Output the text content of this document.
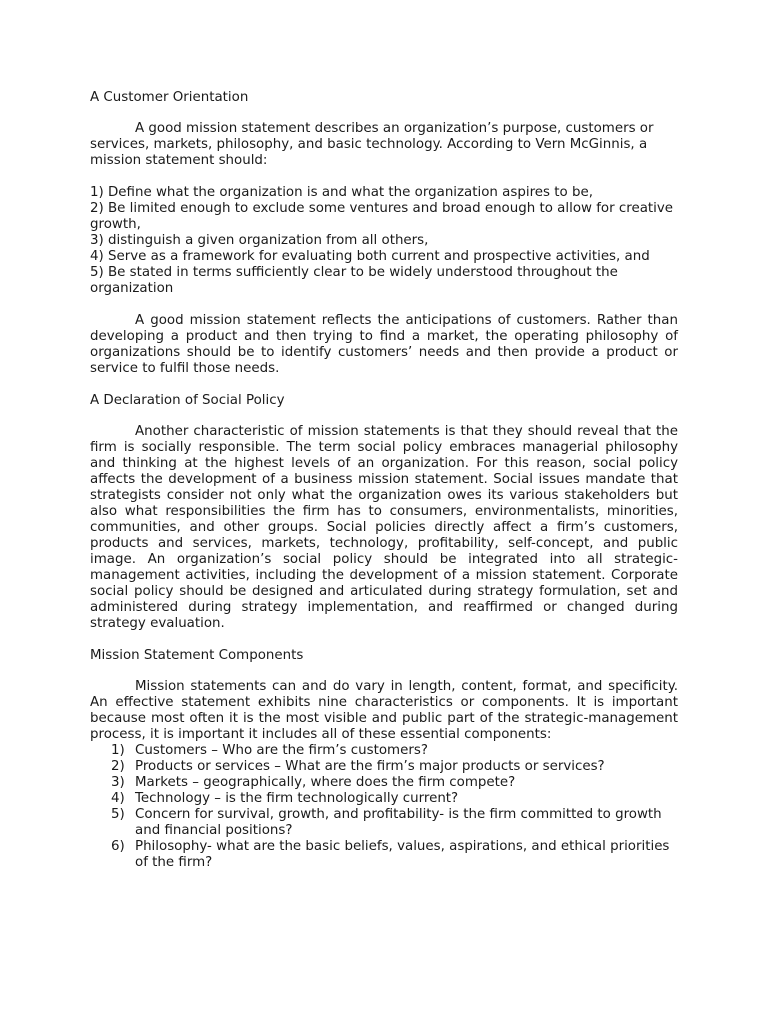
A Customer Orientation

A good mission statement describes an organization’s purpose, customers or services, markets, philosophy, and basic technology. According to Vern McGinnis, a mission statement should:

1) Define what the organization is and what the organization aspires to be,
2) Be limited enough to exclude some ventures and broad enough to allow for creative growth,
3) distinguish a given organization from all others,
4) Serve as a framework for evaluating both current and prospective activities, and
5) Be stated in terms sufficiently clear to be widely understood throughout the organization

A good mission statement reflects the anticipations of customers. Rather than developing a product and then trying to find a market, the operating philosophy of organizations should be to identify customers’ needs and then provide a product or service to fulfil those needs.

A Declaration of Social Policy

Another characteristic of mission statements is that they should reveal that the firm is socially responsible. The term social policy embraces managerial philosophy and thinking at the highest levels of an organization. For this reason, social policy affects the development of a business mission statement. Social issues mandate that strategists consider not only what the organization owes its various stakeholders but also what responsibilities the firm has to consumers, environmentalists, minorities, communities, and other groups. Social policies directly affect a firm’s customers, products and services, markets, technology, profitability, self-concept, and public image. An organization’s social policy should be integrated into all strategic-management activities, including the development of a mission statement. Corporate social policy should be designed and articulated during strategy formulation, set and administered during strategy implementation, and reaffirmed or changed during strategy evaluation.

Mission Statement Components

Mission statements can and do vary in length, content, format, and specificity. An effective statement exhibits nine characteristics or components. It is important because most often it is the most visible and public part of the strategic-management process, it is important it includes all of these essential components:

1) Customers – Who are the firm’s customers?
2) Products or services – What are the firm’s major products or services?
3) Markets – geographically, where does the firm compete?
4) Technology – is the firm technologically current?
5) Concern for survival, growth, and profitability- is the firm committed to growth and financial positions?
6) Philosophy- what are the basic beliefs, values, aspirations, and ethical priorities of the firm?
